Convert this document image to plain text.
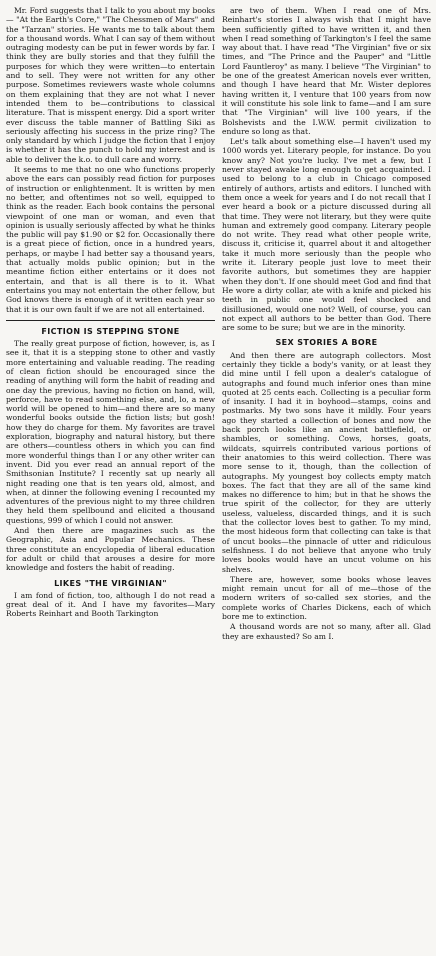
Mr. Ford suggests that I talk to you about my books — "At the Earth's Core," "The Chessmen of Mars" and the "Tarzan" stories. He wants me to talk about them for a thousand words. What I can say of them without outraging modesty can be put in fewer words by far. I think they are bully stories and that they fulfill the purposes for which they were written—to entertain and to sell. They were not written for any other purpose. Sometimes reviewers waste whole columns on them explaining that they are not what I never intended them to be—contributions to classical literature. That is misspent energy. Did a sport writer ever discuss the table manner of Battling Siki as seriously affecting his success in the prize ring? The only standard by which I judge the fiction that I enjoy is whether it has the punch to hold my interest and is able to deliver the k.o. to dull care and worry.

It seems to me that no one who functions properly above the ears can possibly read fiction for purposes of instruction or enlightenment. It is written by men no better, and oftentimes not so well, equipped to think as the reader. Each book contains the personal viewpoint of one man or woman, and even that opinion is usually seriously affected by what he thinks the public will pay $1.90 or $2 for. Occasionally there is a great piece of fiction, once in a hundred years, perhaps, or maybe I had better say a thousand years, that actually molds public opinion; but in the meantime fiction either entertains or it does not entertain, and that is all there is to it. What entertains you may not entertain the other fellow, but God knows there is enough of it written each year so that it is our own fault if we are not all entertained.

FICTION IS STEPPING STONE

The really great purpose of fiction, however, is, as I see it, that it is a stepping stone to other and vastly more entertaining and valuable reading. The reading of clean fiction should be encouraged since the reading of anything will form the habit of reading and one day the previous, having no fiction on hand, will, perforce, have to read something else, and, lo, a new world will be opened to him—and there are so many wonderful books outside the fiction lists; but gosh! how they do charge for them. My favorites are travel exploration, biography and natural history, but there are others—countless others in which you can find more wonderful things than I or any other writer can invent. Did you ever read an annual report of the Smithsonian Institute? I recently sat up nearly all night reading one that is ten years old, almost, and when, at dinner the following evening I recounted my adventures of the previous night to my three children they held them spellbound and elicited a thousand questions, 999 of which I could not answer.

And then there are magazines such as the Geographic, Asia and Popular Mechanics. These three constitute an encyclopedia of liberal education for adult or child that arouses a desire for more knowledge and fosters the habit of reading.

LIKES "THE VIRGINIAN"

I am fond of fiction, too, although I do not read a great deal of it. And I have my favorites—Mary Roberts Reinhart and Booth Tarkington

are two of them. When I read one of Mrs. Reinhart's stories I always wish that I might have been sufficiently gifted to have written it, and then when I read something of Tarkington's I feel the same way about that. I have read "The Virginian" five or six times, and "The Prince and the Pauper" and "Little Lord Fauntleroy" as many. I believe "The Virginian" to be one of the greatest American novels ever written, and though I have heard that Mr. Wister deplores having written it, I venture that 100 years from now it will constitute his sole link to fame—and I am sure that "The Virginian" will live 100 years, if the Bolshevists and the I.W.W. permit civilization to endure so long as that.

Let's talk about something else—I haven't used my 1000 words yet. Literary people, for instance. Do you know any? Not you're lucky. I've met a few, but I never stayed awake long enough to get acquainted. I used to belong to a club in Chicago composed entirely of authors, artists and editors. I lunched with them once a week for years and I do not recall that I ever heard a book or a picture discussed during all that time. They were not literary, but they were quite human and extremely good company. Literary people do not write. They read what other people write, discuss it, criticise it, quarrel about it and altogether take it much more seriously than the people who write it. Literary people just love to meet their favorite authors, but sometimes they are happier when they don't. If one should meet God and find that He wore a dirty collar, ate with a knife and picked his teeth in public one would feel shocked and disillusioned, would one not? Well, of course, you can not expect all authors to be better than God. There are some to be sure; but we are in the minority.

SEX STORIES A BORE

And then there are autograph collectors. Most certainly they tickle a body's vanity, or at least they did mine until I fell upon a dealer's catalogue of autographs and found much inferior ones than mine quoted at 25 cents each. Collecting is a peculiar form of insanity. I had it in boyhood—stamps, coins and postmarks. My two sons have it mildly. Four years ago they started a collection of bones and now the back porch looks like an ancient battlefield, or shambles, or something. Cows, horses, goats, wildcats, squirrels contributed various portions of their anatomies to this weird collection. There was more sense to it, though, than the collection of autographs. My youngest boy collects empty match boxes. The fact that they are all of the same kind makes no difference to him; but in that he shows the true spirit of the collector, for they are utterly useless, valueless, discarded things, and it is such that the collector loves best to gather. To my mind, the most hideous form that collecting can take is that of uncut books—the pinnacle of utter and ridiculous selfishness. I do not believe that anyone who truly loves books would have an uncut volume on his shelves.

There are, however, some books whose leaves might remain uncut for all of me—those of the modern writers of so-called sex stories, and the complete works of Charles Dickens, each of which bore me to extinction.

A thousand words are not so many, after all. Glad they are exhausted? So am I.
